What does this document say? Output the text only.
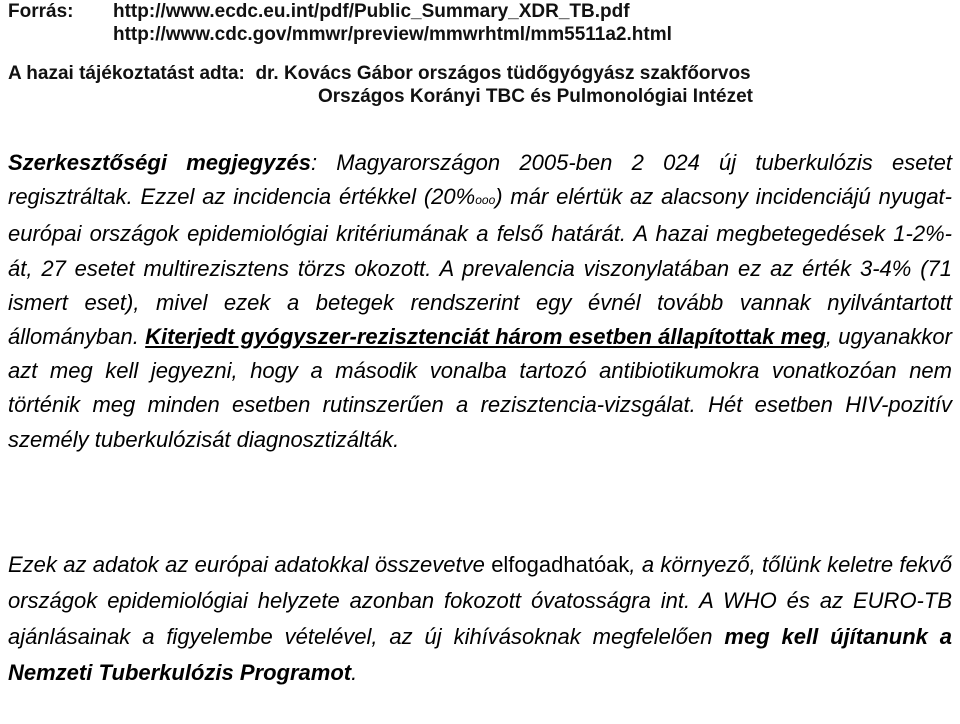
Forrás: http://www.ecdc.eu.int/pdf/Public_Summary_XDR_TB.pdf
http://www.cdc.gov/mmwr/preview/mmwrhtml/mm5511a2.html
A hazai tájékoztatást adta: dr. Kovács Gábor országos tüdőgyógyász szakfőorvos
Országos Korányi TBC és Pulmonológiai Intézet
Szerkesztőségi megjegyzés: Magyarországon 2005-ben 2 024 új tuberkulózis esetet regisztráltak. Ezzel az incidencia értékkel (20%ooo) már elértük az alacsony incidenciájú nyugat-európai országok epidemiológiai kritériumának a felső határát. A hazai megbetegedések 1-2%-át, 27 esetet multirezisztens törzs okozott. A prevalencia viszonylatában ez az érték 3-4% (71 ismert eset), mivel ezek a betegek rendszerint egy évnél tovább vannak nyilvántartott állományban. Kiterjedt gyógyszer-rezisztenciát három esetben állapítottak meg, ugyanakkor azt meg kell jegyezni, hogy a második vonalba tartozó antibiotikumokra vonatkozóan nem történik meg minden esetben rutinszerűen a rezisztencia-vizsgálat. Hét esetben HIV-pozitív személy tuberkulózisát diagnosztizálták.
Ezek az adatok az európai adatokkal összevetve elfogadhatóak, a környező, tőlünk keletre fekvő országok epidemiológiai helyzete azonban fokozott óvatosságra int. A WHO és az EURO-TB ajánlásainak a figyelembe vételével, az új kihívásoknak megfelelően meg kell újítanunk a Nemzeti Tuberkulózis Programot.
